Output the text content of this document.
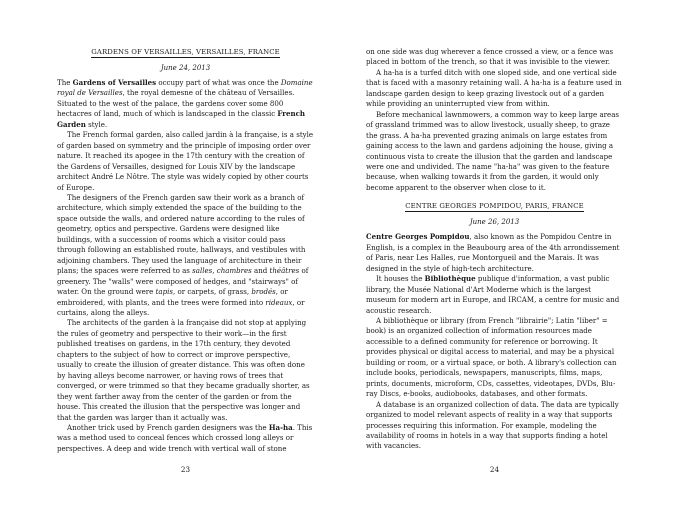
GARDENS OF VERSAILLES, VERSAILLES, FRANCE
June 24, 2013

The Gardens of Versailles occupy part of what was once the Domaine royal de Versailles, the royal demesne of the château of Versailles. Situated to the west of the palace, the gardens cover some 800 hectacres of land, much of which is landscaped in the classic French Garden style.

The French formal garden, also called jardin à la française, is a style of garden based on symmetry and the principle of imposing order over nature. It reached its apogee in the 17th century with the creation of the Gardens of Versailles, designed for Louis XIV by the landscape architect André Le Nôtre. The style was widely copied by other courts of Europe.

The designers of the French garden saw their work as a branch of architecture, which simply extended the space of the building to the space outside the walls, and ordered nature according to the rules of geometry, optics and perspective. Gardens were designed like buildings, with a succession of rooms which a visitor could pass through following an established route, hallways, and vestibules with adjoining chambers. They used the language of architecture in their plans; the spaces were referred to as salles, chambres and théâtres of greenery. The "walls" were composed of hedges, and "stairways" of water. On the ground were tapis, or carpets, of grass, brodés, or embroidered, with plants, and the trees were formed into rideaux, or curtains, along the alleys.

The architects of the garden à la française did not stop at applying the rules of geometry and perspective to their work—in the first published treatises on gardens, in the 17th century, they devoted chapters to the subject of how to correct or improve perspective, usually to create the illusion of greater distance. This was often done by having alleys become narrower, or having rows of trees that converged, or were trimmed so that they became gradually shorter, as they went farther away from the center of the garden or from the house. This created the illusion that the perspective was longer and that the garden was larger than it actually was.

Another trick used by French garden designers was the Ha-ha. This was a method used to conceal fences which crossed long alleys or perspectives. A deep and wide trench with vertical wall of stone

23

on one side was dug wherever a fence crossed a view, or a fence was placed in bottom of the trench, so that it was invisible to the viewer.

A ha-ha is a turfed ditch with one sloped side, and one vertical side that is faced with a masonry retaining wall. A ha-ha is a feature used in landscape garden design to keep grazing livestock out of a garden while providing an uninterrupted view from within.

Before mechanical lawnmowers, a common way to keep large areas of grassland trimmed was to allow livestock, usually sheep, to graze the grass. A ha-ha prevented grazing animals on large estates from gaining access to the lawn and gardens adjoining the house, giving a continuous vista to create the illusion that the garden and landscape were one and undivided. The name "ha-ha" was given to the feature because, when walking towards it from the garden, it would only become apparent to the observer when close to it.

CENTRE GEORGES POMPIDOU, PARIS, FRANCE
June 26, 2013

Centre Georges Pompidou, also known as the Pompidou Centre in English, is a complex in the Beaubourg area of the 4th arrondissement of Paris, near Les Halles, rue Montorgueil and the Marais. It was designed in the style of high-tech architecture.

It houses the Bibliothèque publique d'information, a vast public library, the Musée National d'Art Moderne which is the largest museum for modern art in Europe, and IRCAM, a centre for music and acoustic research.

A bibliothèque or library (from French "librairie"; Latin "liber" = book) is an organized collection of information resources made accessible to a defined community for reference or borrowing. It provides physical or digital access to material, and may be a physical building or room, or a virtual space, or both. A library's collection can include books, periodicals, newspapers, manuscripts, films, maps, prints, documents, microform, CDs, cassettes, videotapes, DVDs, Blu-ray Discs, e-books, audiobooks, databases, and other formats.

A database is an organized collection of data. The data are typically organized to model relevant aspects of reality in a way that supports processes requiring this information. For example, modeling the availability of rooms in hotels in a way that supports finding a hotel with vacancies.

24
